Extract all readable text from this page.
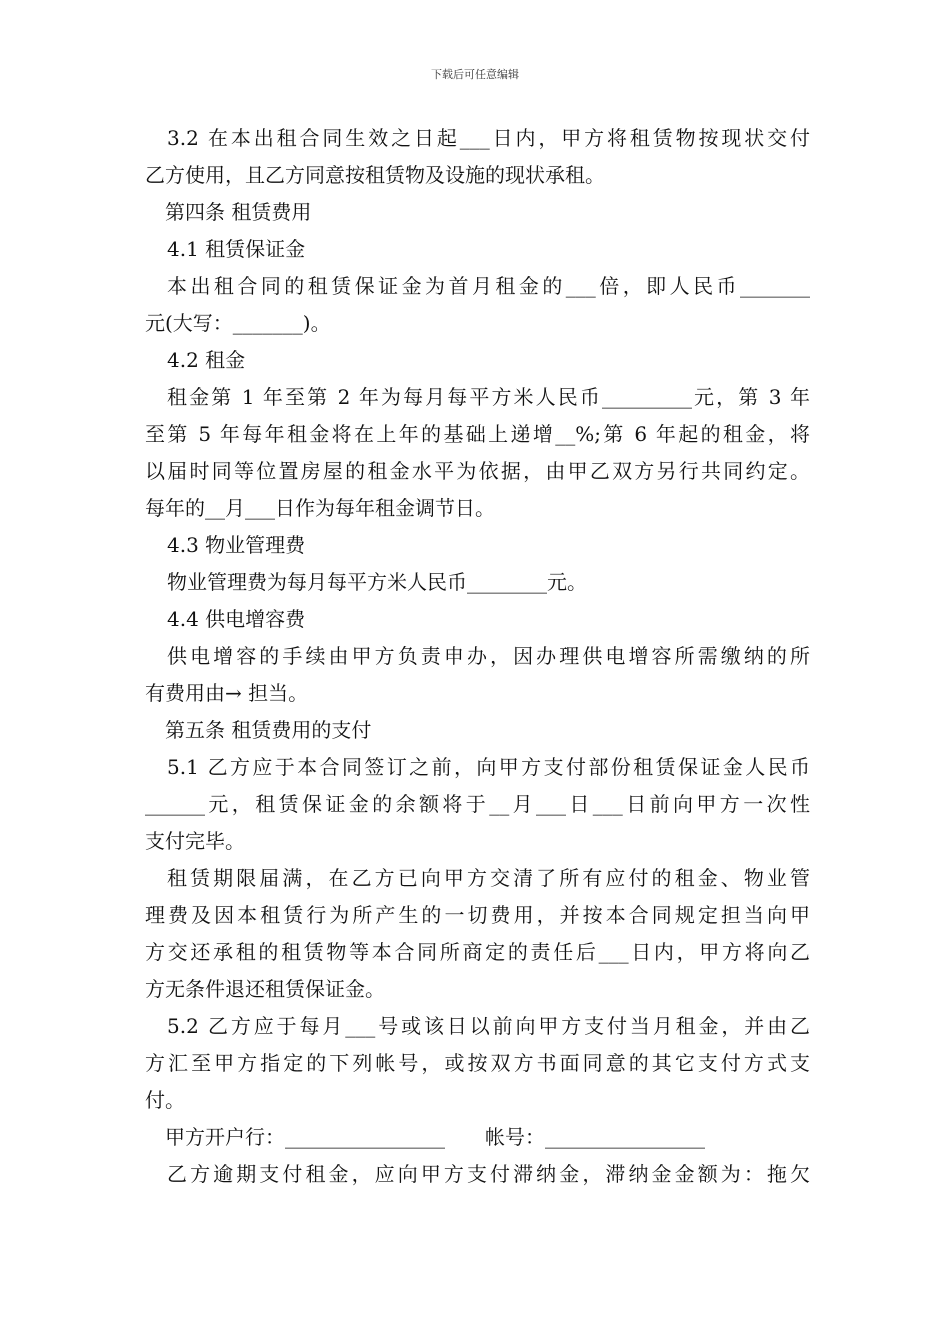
下载后可任意编辑
3.2 在本出租合同生效之日起___日内，甲方将租赁物按现状交付
乙方使用，且乙方同意按租赁物及设施的现状承租。
第四条 租赁费用
4.1 租赁保证金
本出租合同的租赁保证金为首月租金的___倍，即人民币_______
元(大写：_______)。
4.2 租金
租金第 1 年至第 2 年为每月每平方米人民币_________元，第 3 年
至第 5 年每年租金将在上年的基础上递增__%;第 6 年起的租金，将
以届时同等位置房屋的租金水平为依据，由甲乙双方另行共同约定。
每年的__月___日作为每年租金调节日。
4.3 物业管理费
物业管理费为每月每平方米人民币________元。
4.4 供电增容费
供电增容的手续由甲方负责申办，因办理供电增容所需缴纳的所
有费用由→ 担当。
第五条 租赁费用的支付
5.1 乙方应于本合同签订之前，向甲方支付部份租赁保证金人民币
______元，租赁保证金的余额将于__月___日___日前向甲方一次性
支付完毕。
租赁期限届满，在乙方已向甲方交清了所有应付的租金、物业管
理费及因本租赁行为所产生的一切费用，并按本合同规定担当向甲
方交还承租的租赁物等本合同所商定的责任后___日内，甲方将向乙
方无条件退还租赁保证金。
5.2 乙方应于每月___号或该日以前向甲方支付当月租金，并由乙
方汇至甲方指定的下列帐号，或按双方书面同意的其它支付方式支
付。
甲方开户行：________________ 帐号：________________
乙方逾期支付租金，应向甲方支付滞纳金，滞纳金金额为：拖欠
